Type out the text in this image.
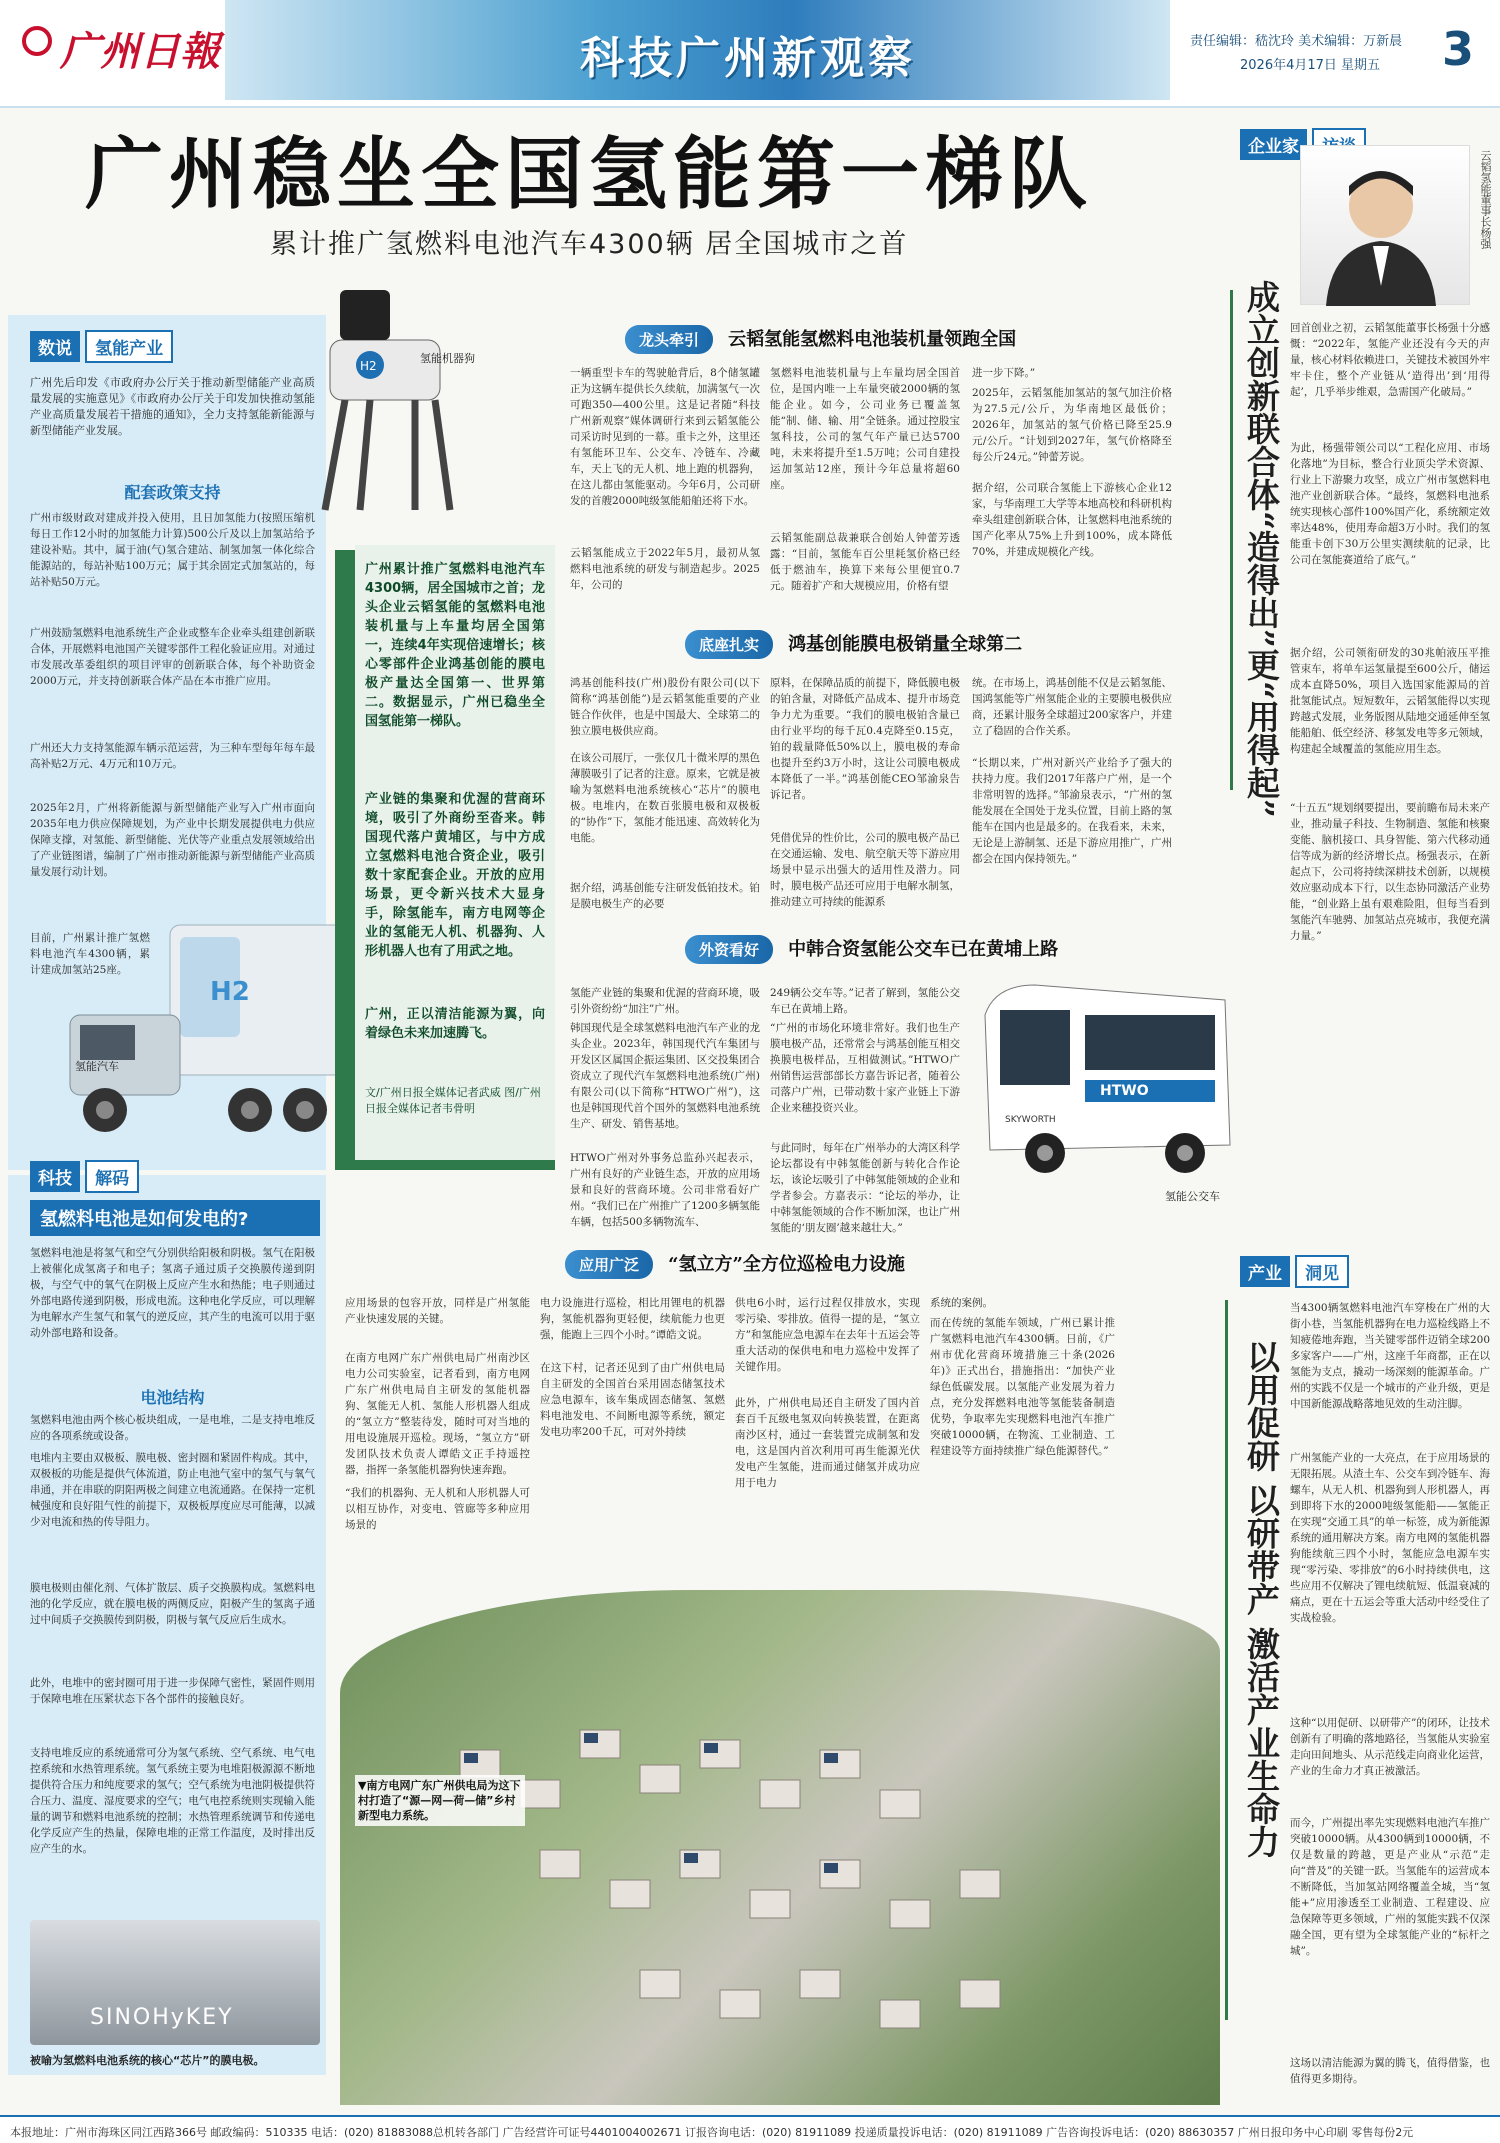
广州日報	科技广州新观察	责任编辑：嵇沈玲 美术编辑：万新晨
2026年4月17日 星期五 3
广州稳坐全国氢能第一梯队
累计推广氢燃料电池汽车4300辆 居全国城市之首
数说 氢能产业
广州先后印发《市政府办公厅关于推动新型储能产业高质量发展的实施意见》《市政府办公厅关于印发加快推动氢能产业高质量发展若干措施的通知》，全力支持氢能新能源与新型储能产业发展。
配套政策支持
广州市级财政对建成并投入使用，且日加氢能力(按照压缩机每日工作12小时的加氢能力计算)500公斤及以上加氢站给予建设补贴。其中，属于油(气)氢合建站、制氢加氢一体化综合能源站的，每站补贴100万元；属于其余固定式加氢站的，每站补贴50万元。
广州鼓励氢燃料电池系统生产企业或整车企业牵头组建创新联合体，开展燃料电池国产关键零部件工程化验证应用。对通过市发展改革委组织的项目评审的创新联合体，每个补助资金2000万元，并支持创新联合体产品在本市推广应用。
广州还大力支持氢能源车辆示范运营，为三种车型每年每车最高补贴2万元、4万元和10万元。
2025年2月，广州将新能源与新型储能产业写入广州市面向2035年电力供应保障规划，为产业中长期发展提供电力供应保障支撑，对氢能、新型储能、光伏等产业重点发展领域给出了产业链图谱，编制了广州市推动新能源与新型储能产业高质量发展行动计划。
目前，广州累计推广氢燃料电池汽车4300辆，累计建成加氢站25座。
H2
氢能汽车
H2
氢能机器狗
科技 解码
氢燃料电池是如何发电的?
氢燃料电池是将氢气和空气分别供给阳极和阴极。氢气在阳极上被催化成氢离子和电子；氢离子通过质子交换膜传递到阴极，与空气中的氧气在阴极上反应产生水和热能；电子则通过外部电路传递到阴极，形成电流。这种电化学反应，可以理解为电解水产生氢气和氧气的逆反应，其产生的电流可以用于驱动外部电路和设备。
电池结构
氢燃料电池由两个核心板块组成，一是电堆，二是支持电堆反应的各项系统或设备。
电堆内主要由双极板、膜电极、密封圈和紧固件构成。其中，双极板的功能是提供气体流道，防止电池气室中的氢气与氧气串通，并在串联的阴阳两极之间建立电流通路。在保持一定机械强度和良好阻气性的前提下，双极板厚度应尽可能薄，以减少对电流和热的传导阻力。
膜电极则由催化剂、气体扩散层、质子交换膜构成。氢燃料电池的化学反应，就在膜电极的两侧反应，阳极产生的氢离子通过中间质子交换膜传到阴极，阴极与氧气反应后生成水。
此外，电堆中的密封圈可用于进一步保障气密性，紧固件则用于保障电堆在压紧状态下各个部件的接触良好。
支持电堆反应的系统通常可分为氢气系统、空气系统、电气电控系统和水热管理系统。氢气系统主要为电堆阳极源源不断地提供符合压力和纯度要求的氢气；空气系统为电池阴极提供符合压力、温度、湿度要求的空气；电气电控系统则实现输入能量的调节和燃料电池系统的控制；水热管理系统调节和传递电化学反应产生的热量，保障电堆的正常工作温度，及时排出反应产生的水。
SINOHyKEY
被喻为氢燃料电池系统的核心“芯片”的膜电极。
广州累计推广氢燃料电池汽车4300辆，居全国城市之首；龙头企业云韬氢能的氢燃料电池装机量与上车量均居全国第一，连续4年实现倍速增长；核心零部件企业鸿基创能的膜电极产量达全国第一、世界第二。数据显示，广州已稳坐全国氢能第一梯队。
产业链的集聚和优渥的营商环境，吸引了外商纷至沓来。韩国现代落户黄埔区，与中方成立氢燃料电池合资企业，吸引数十家配套企业。开放的应用场景，更令新兴技术大显身手，除氢能车，南方电网等企业的氢能无人机、机器狗、人形机器人也有了用武之地。
广州，正以清洁能源为翼，向着绿色未来加速腾飞。
文/广州日报全媒体记者武威 图/广州日报全媒体记者韦骨明
龙头牵引 云韬氢能氢燃料电池装机量领跑全国
一辆重型卡车的驾驶舱背后，8个储氢罐正为这辆车提供长久续航，加满氢气一次可跑350—400公里。这是记者随“科技广州新观察”媒体调研行来到云韬氢能公司采访时见到的一幕。重卡之外，这里还有氢能环卫车、公交车、冷链车、冷藏车，天上飞的无人机、地上跑的机器狗，在这儿都由氢能驱动。今年6月，公司研发的首艘2000吨级氢能船舶还将下水。
云韬氢能成立于2022年5月，最初从氢燃料电池系统的研发与制造起步。2025年，公司的
氢燃料电池装机量与上车量均居全国首位，是国内唯一上车量突破2000辆的氢能企业。如今，公司业务已覆盖氢能“制、储、输、用”全链条。通过控股宝氢科技，公司的氢气年产量已达5700吨，未来将提升至1.5万吨；公司自建投运加氢站12座，预计今年总量将超60座。
云韬氢能副总裁兼联合创始人钟蕾芳透露：“目前，氢能车百公里耗氢价格已经低于燃油车，换算下来每公里便宜0.7元。随着扩产和大规模应用，价格有望
进一步下降。”
2025年，云韬氢能加氢站的氢气加注价格为27.5元/公斤，为华南地区最低价；2026年，加氢站的氢气价格已降至25.9元/公斤。“计划到2027年，氢气价格降至每公斤24元。”钟蕾芳说。
据介绍，公司联合氢能上下游核心企业12家，与华南理工大学等本地高校和科研机构牵头组建创新联合体，让氢燃料电池系统的国产化率从75%上升到100%，成本降低70%，并建成规模化产线。
底座扎实 鸿基创能膜电极销量全球第二
鸿基创能科技(广州)股份有限公司(以下简称“鸿基创能”)是云韬氢能重要的产业链合作伙伴，也是中国最大、全球第二的独立膜电极供应商。
在该公司展厅，一张仅几十微米厚的黑色薄膜吸引了记者的注意。原来，它就是被喻为氢燃料电池系统核心“芯片”的膜电极。电堆内，在数百张膜电极和双极板的“协作”下，氢能才能迅速、高效转化为电能。
据介绍，鸿基创能专注研发低铂技术。铂是膜电极生产的必要
原料，在保障品质的前提下，降低膜电极的铂含量，对降低产品成本、提升市场竞争力尤为重要。“我们的膜电极铂含量已由行业平均的每千瓦0.4克降至0.15克，铂的载量降低50%以上，膜电极的寿命也提升至约3万小时，这让公司膜电极成本降低了一半。”鸿基创能CEO邹渝泉告诉记者。
凭借优异的性价比，公司的膜电极产品已在交通运输、发电、航空航天等下游应用场景中显示出强大的适用性及潜力。同时，膜电极产品还可应用于电解水制氢，推动建立可持续的能源系
统。在市场上，鸿基创能不仅是云韬氢能、国鸿氢能等广州氢能企业的主要膜电极供应商，还累计服务全球超过200家客户，并建立了稳固的合作关系。
“长期以来，广州对新兴产业给予了强大的扶持力度。我们2017年落户广州，是一个非常明智的选择。”邹渝泉表示，“广州的氢能发展在全国处于龙头位置，目前上路的氢能车在国内也是最多的。在我看来，未来，无论是上游制氢、还是下游应用推广，广州都会在国内保持领先。”
外资看好 中韩合资氢能公交车已在黄埔上路
氢能产业链的集聚和优渥的营商环境，吸引外资纷纷“加注”广州。
韩国现代是全球氢燃料电池汽车产业的龙头企业。2023年，韩国现代汽车集团与开发区区属国企振运集团、区交投集团合资成立了现代汽车氢燃料电池系统(广州)有限公司(以下简称“HTWO广州”)，这也是韩国现代首个国外的氢燃料电池系统生产、研发、销售基地。
HTWO广州对外事务总监孙兴起表示，广州有良好的产业链生态，开放的应用场景和良好的营商环境。公司非常看好广州。“我们已在广州推广了1200多辆氢能车辆，包括500多辆物流车、
249辆公交车等。”记者了解到，氢能公交车已在黄埔上路。
“广州的市场化环境非常好。我们也生产膜电极产品，还常常会与鸿基创能互相交换膜电极样品，互相做测试。”HTWO广州销售运营部部长方嘉告诉记者，随着公司落户广州，已带动数十家产业链上下游企业来穗投资兴业。
与此同时，每年在广州举办的大湾区科学论坛都设有中韩氢能创新与转化合作论坛，该论坛吸引了中韩氢能领域的企业和学者参会。方嘉表示：“论坛的举办，让中韩氢能领域的合作不断加深，也让广州氢能的‘朋友圈’越来越壮大。”
SKYWORTH
HTWO
氢能公交车
应用广泛 “氢立方”全方位巡检电力设施
应用场景的包容开放，同样是广州氢能产业快速发展的关键。
在南方电网广东广州供电局广州南沙区电力公司实验室，记者看到，南方电网广东广州供电局自主研发的氢能机器狗、氢能无人机、氢能人形机器人组成的“氢立方”整装待发，随时可对当地的用电设施展开巡检。现场，“氢立方”研发团队技术负责人谭皓文正手持遥控器，指挥一条氢能机器狗快速奔跑。
“我们的机器狗、无人机和人形机器人可以相互协作，对变电、管廊等多种应用场景的
电力设施进行巡检，相比用锂电的机器狗，氢能机器狗更轻便，续航能力也更强，能跑上三四个小时。”谭皓文说。
在这下村，记者还见到了由广州供电局自主研发的全国首台采用固态储氢技术应急电源车，该车集成固态储氢、氢燃料电池发电、不间断电源等系统，额定发电功率200千瓦，可对外持续
供电6小时，运行过程仅排放水，实现零污染、零排放。值得一提的是，“氢立方”和氢能应急电源车在去年十五运会等重大活动的保供电和电力巡检中发挥了关键作用。
此外，广州供电局还自主研发了国内首套百千瓦级电氢双向转换装置，在距离南沙区村，通过一套装置完成制氢和发电，这是国内首次利用可再生能源光伏发电产生氢能，进而通过储氢并成功应用于电力
系统的案例。
而在传统的氢能车领域，广州已累计推广氢燃料电池汽车4300辆。日前，《广州市优化营商环境措施三十条(2026年)》正式出台，措施指出：“加快产业绿色低碳发展。以氢能产业发展为着力点，充分发挥燃料电池等氢能装备制造优势，争取率先实现燃料电池汽车推广突破10000辆，在物流、工业制造、工程建设等方面持续推广绿色能源替代。”
▼南方电网广东广州供电局为这下村打造了“源—网—荷—储”乡村新型电力系统。
企业家
云韬氢能董事长杨强
成立创新联合体“造得出”更“用得起” 回首创业之初，云韬氢能董事长杨强十分感慨：“2022年，氢能产业还没有今天的声量，核心材料依赖进口，关键技术被国外牢牢卡住，整个产业链从‘造得出’到‘用得起’，几乎举步维艰，急需国产化破局。”
为此，杨强带领公司以“工程化应用、市场化落地”为目标，整合行业顶尖学术资源、行业上下游聚力攻坚，成立广州市氢燃料电池产业创新联合体。“最终，氢燃料电池系统实现核心部件100%国产化，系统额定效率达48%，使用寿命超3万小时。我们的氢能重卡创下30万公里实测续航的记录，比公司在氢能赛道给了底气。”
据介绍，公司领衔研发的30兆帕液压平推管束车，将单车运氢量提至600公斤，储运成本直降50%，项目入选国家能源局的首批氢能试点。短短数年，云韬氢能得以实现跨越式发展，业务版图从陆地交通延伸至氢能船舶、低空经济、移氢发电等多元领域，构建起全域覆盖的氢能应用生态。
“十五五”规划纲要提出，要前瞻布局未来产业，推动量子科技、生物制造、氢能和核聚变能、脑机接口、具身智能、第六代移动通信等成为新的经济增长点。杨强表示，在新起点下，公司将持续深耕技术创新，以规模效应驱动成本下行，以生态协同激活产业势能，“创业路上虽有艰难险阻，但每当看到氢能汽车驰骋、加氢站点亮城市，我便充满力量。”
产业 洞见
以用促研 以研带产 激活产业生命力
当4300辆氢燃料电池汽车穿梭在广州的大街小巷，当氢能机器狗在电力巡检线路上不知疲倦地奔跑，当关键零部件迈销全球200多家客户——广州，这座千年商都，正在以氢能为支点，撬动一场深刻的能源革命。广州的实践不仅是一个城市的产业升级，更是中国新能源战略落地见效的生动注脚。
广州氢能产业的一大亮点，在于应用场景的无限拓展。从渣土车、公交车到冷链车、海螺车，从无人机、机器狗到人形机器人，再到即将下水的2000吨级氢能船——氢能正在实现“交通工具”的单一标签，成为新能源系统的通用解决方案。南方电网的氢能机器狗能续航三四个小时，氢能应急电源车实现“零污染、零排放”的6小时持续供电，这些应用不仅解决了锂电续航短、低温衰减的痛点，更在十五运会等重大活动中经受住了实战检验。
这种“以用促研、以研带产”的闭环，让技术创新有了明确的落地路径，当氢能从实验室走向田间地头、从示范线走向商业化运营，产业的生命力才真正被激活。
而今，广州提出率先实现燃料电池汽车推广突破10000辆。从4300辆到10000辆，不仅是数量的跨越，更是产业从“示范”走向“普及”的关键一跃。当氢能车的运营成本不断降低，当加氢站网络覆盖全城，当“氢能+”应用渗透至工业制造、工程建设、应急保障等更多领域，广州的氢能实践不仅深融全国，更有望为全球氢能产业的“标杆之城”。
这场以清洁能源为翼的腾飞，值得借鉴，也值得更多期待。
本报地址：广州市海珠区同江西路366号 邮政编码：510335 电话：(020) 81883088总机转各部门 广告经营许可证号4401004002671 订报咨询电话：(020) 81911089 投递质量投诉电话：(020) 81911089 广告咨询投诉电话：(020) 88630357 广州日报印务中心印刷 零售每份2元
